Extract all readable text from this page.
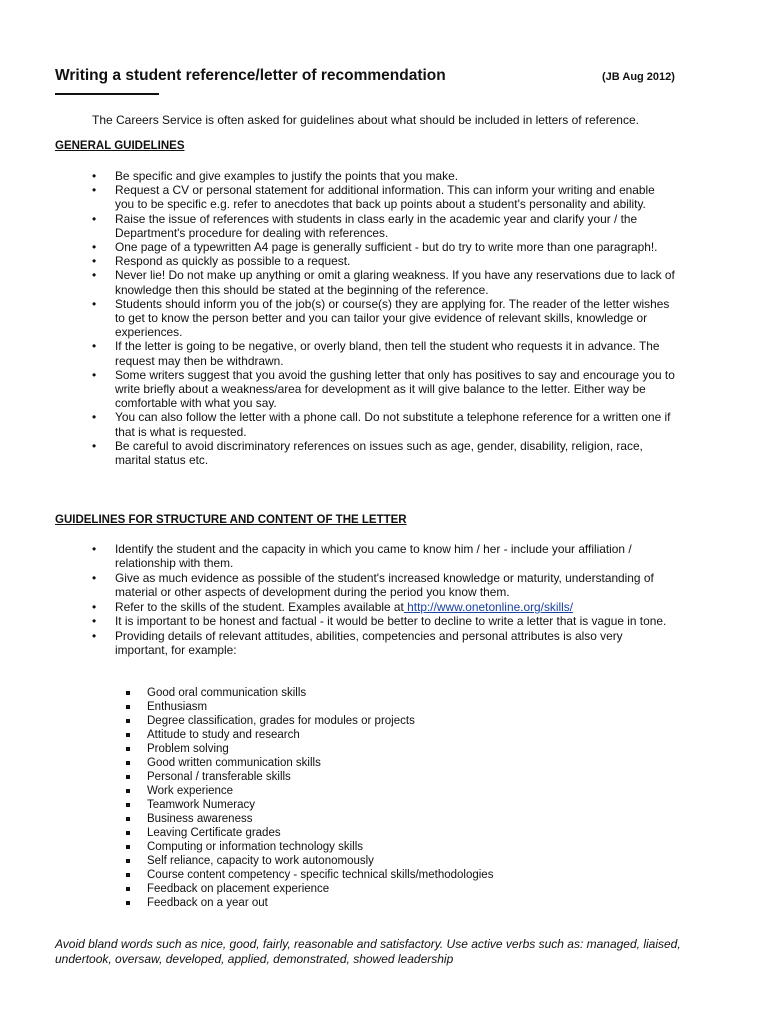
Writing a student reference/letter of recommendation	(JB Aug 2012)
The Careers Service is often asked for guidelines about what should be included in letters of reference.
GENERAL GUIDELINES
• Be specific and give examples to justify the points that you make.
• Request a CV or personal statement for additional information. This can inform your writing and enable you to be specific e.g. refer to anecdotes that back up points about a student's personality and ability.
• Raise the issue of references with students in class early in the academic year and clarify your / the Department's procedure for dealing with references.
• One page of a typewritten A4 page is generally sufficient - but do try to write more than one paragraph!.
• Respond as quickly as possible to a request.
• Never lie! Do not make up anything or omit a glaring weakness. If you have any reservations due to lack of knowledge then this should be stated at the beginning of the reference.
• Students should inform you of the job(s) or course(s) they are applying for. The reader of the letter wishes to get to know the person better and you can tailor your give evidence of relevant skills, knowledge or experiences.
• If the letter is going to be negative, or overly bland, then tell the student who requests it in advance. The request may then be withdrawn.
• Some writers suggest that you avoid the gushing letter that only has positives to say and encourage you to write briefly about a weakness/area for development as it will give balance to the letter. Either way be comfortable with what you say.
• You can also follow the letter with a phone call. Do not substitute a telephone reference for a written one if that is what is requested.
• Be careful to avoid discriminatory references on issues such as age, gender, disability, religion, race, marital status etc.
GUIDELINES FOR STRUCTURE AND CONTENT OF THE LETTER
• Identify the student and the capacity in which you came to know him / her - include your affiliation / relationship with them.
• Give as much evidence as possible of the student's increased knowledge or maturity, understanding of material or other aspects of development during the period you know them.
• Refer to the skills of the student. Examples available at http://www.onetonline.org/skills/
• It is important to be honest and factual - it would be better to decline to write a letter that is vague in tone.
• Providing details of relevant attitudes, abilities, competencies and personal attributes is also very important, for example:
Good oral communication skills
Enthusiasm
Degree classification, grades for modules or projects
Attitude to study and research
Problem solving
Good written communication skills
Personal / transferable skills
Work experience
Teamwork Numeracy
Business awareness
Leaving Certificate grades
Computing or information technology skills
Self reliance, capacity to work autonomously
Course content competency - specific technical skills/methodologies
Feedback on placement experience
Feedback on a year out
Avoid bland words such as nice, good, fairly, reasonable and satisfactory. Use active verbs such as: managed, liaised, undertook, oversaw, developed, applied, demonstrated, showed leadership
